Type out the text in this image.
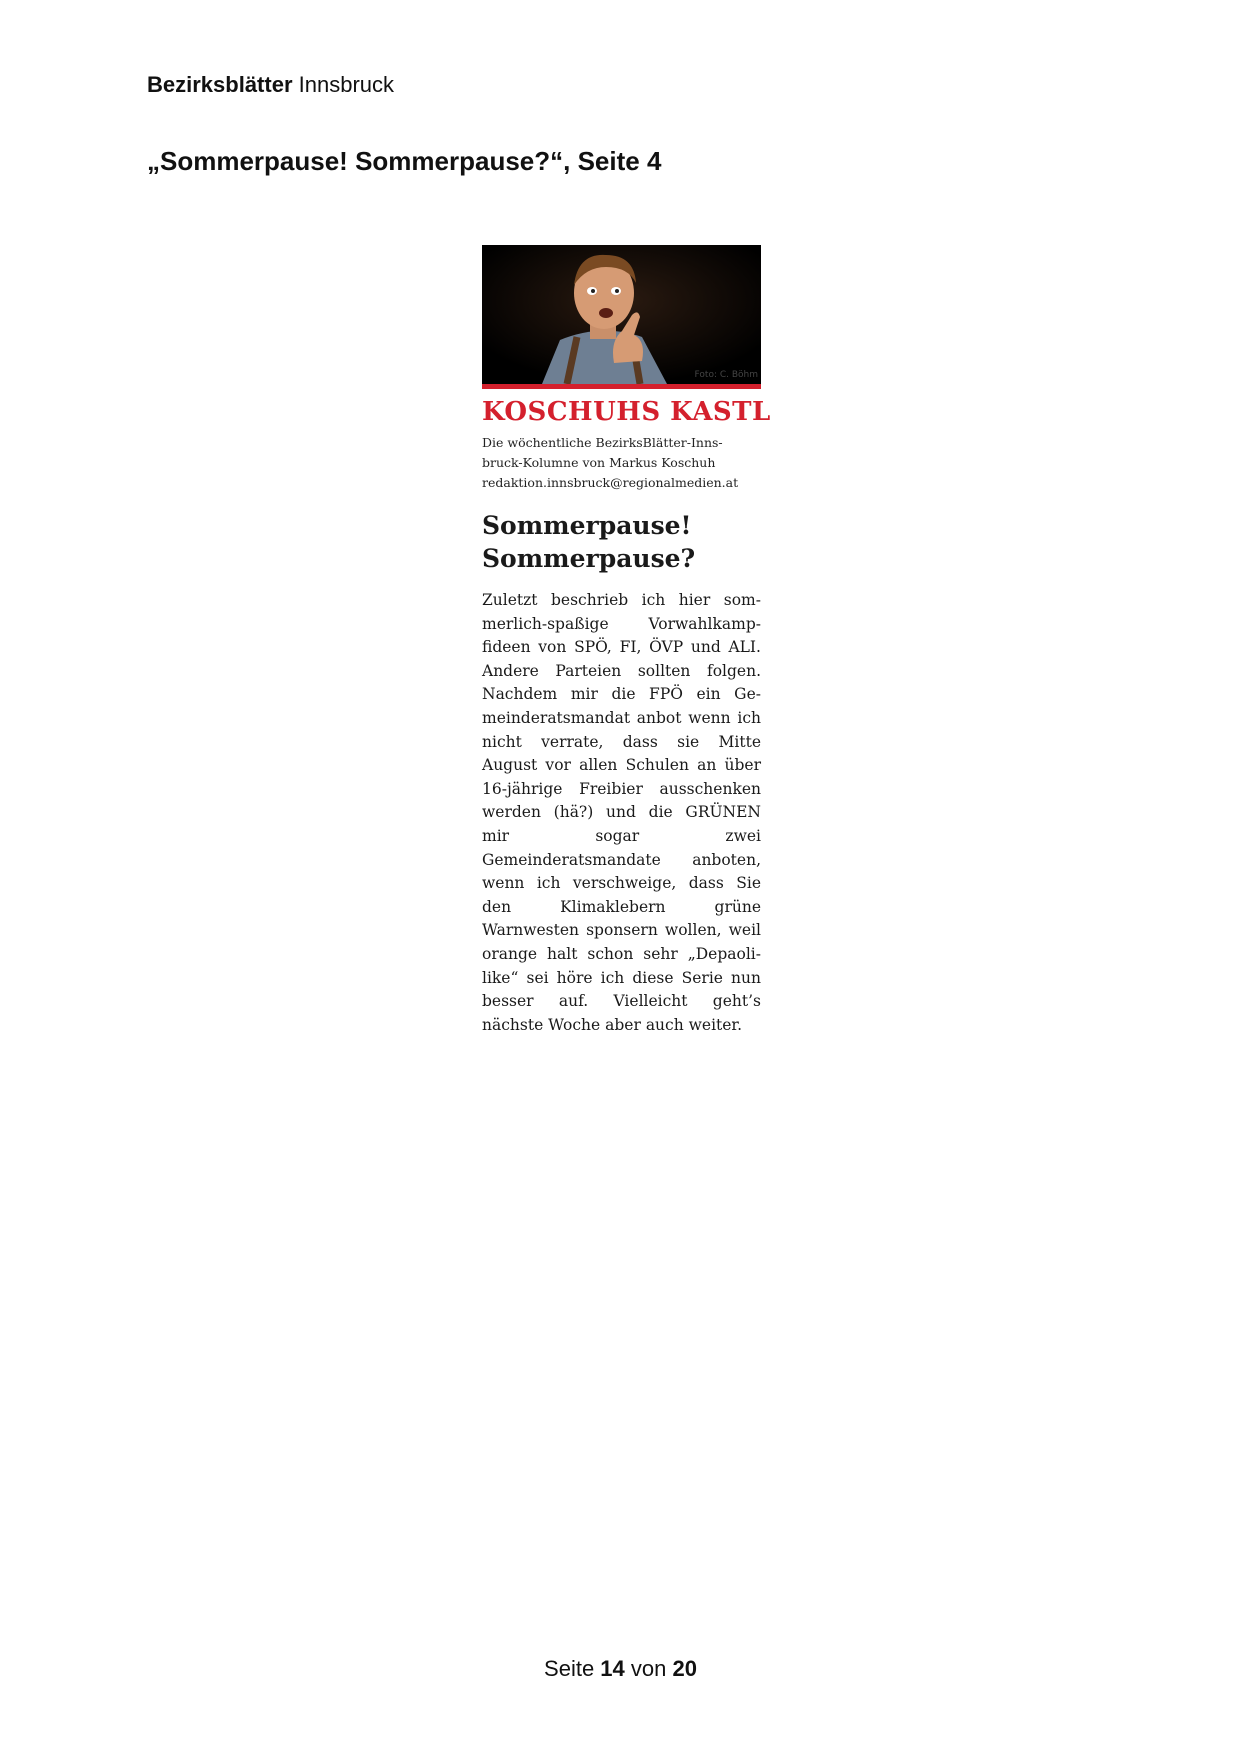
Bezirksblätter Innsbruck
„Sommerpause! Sommerpause?“, Seite 4
Foto: C. Böhm
KOSCHUHS KASTL
Die wöchentliche BezirksBlätter-Inns-
bruck-Kolumne von Markus Koschuh
redaktion.innsbruck@regionalmedien.at
Sommerpause!
Sommerpause?
Zuletzt beschrieb ich hier sommerlich-spaßige Vorwahlkampfideen von SPÖ, FI, ÖVP und ALI. Andere Parteien sollten folgen. Nachdem mir die FPÖ ein Gemeinderatsmandat anbot wenn ich nicht verrate, dass sie Mitte August vor allen Schulen an über 16-jährige Freibier ausschenken werden (hä?) und die GRÜNEN mir sogar zwei Gemeinderatsmandate anboten, wenn ich verschweige, dass Sie den Klimaklebern grüne Warnwesten sponsern wollen, weil orange halt schon sehr „Depaoli-like“ sei höre ich diese Serie nun besser auf. Vielleicht geht’s nächste Woche aber auch weiter.
Seite 14 von 20
